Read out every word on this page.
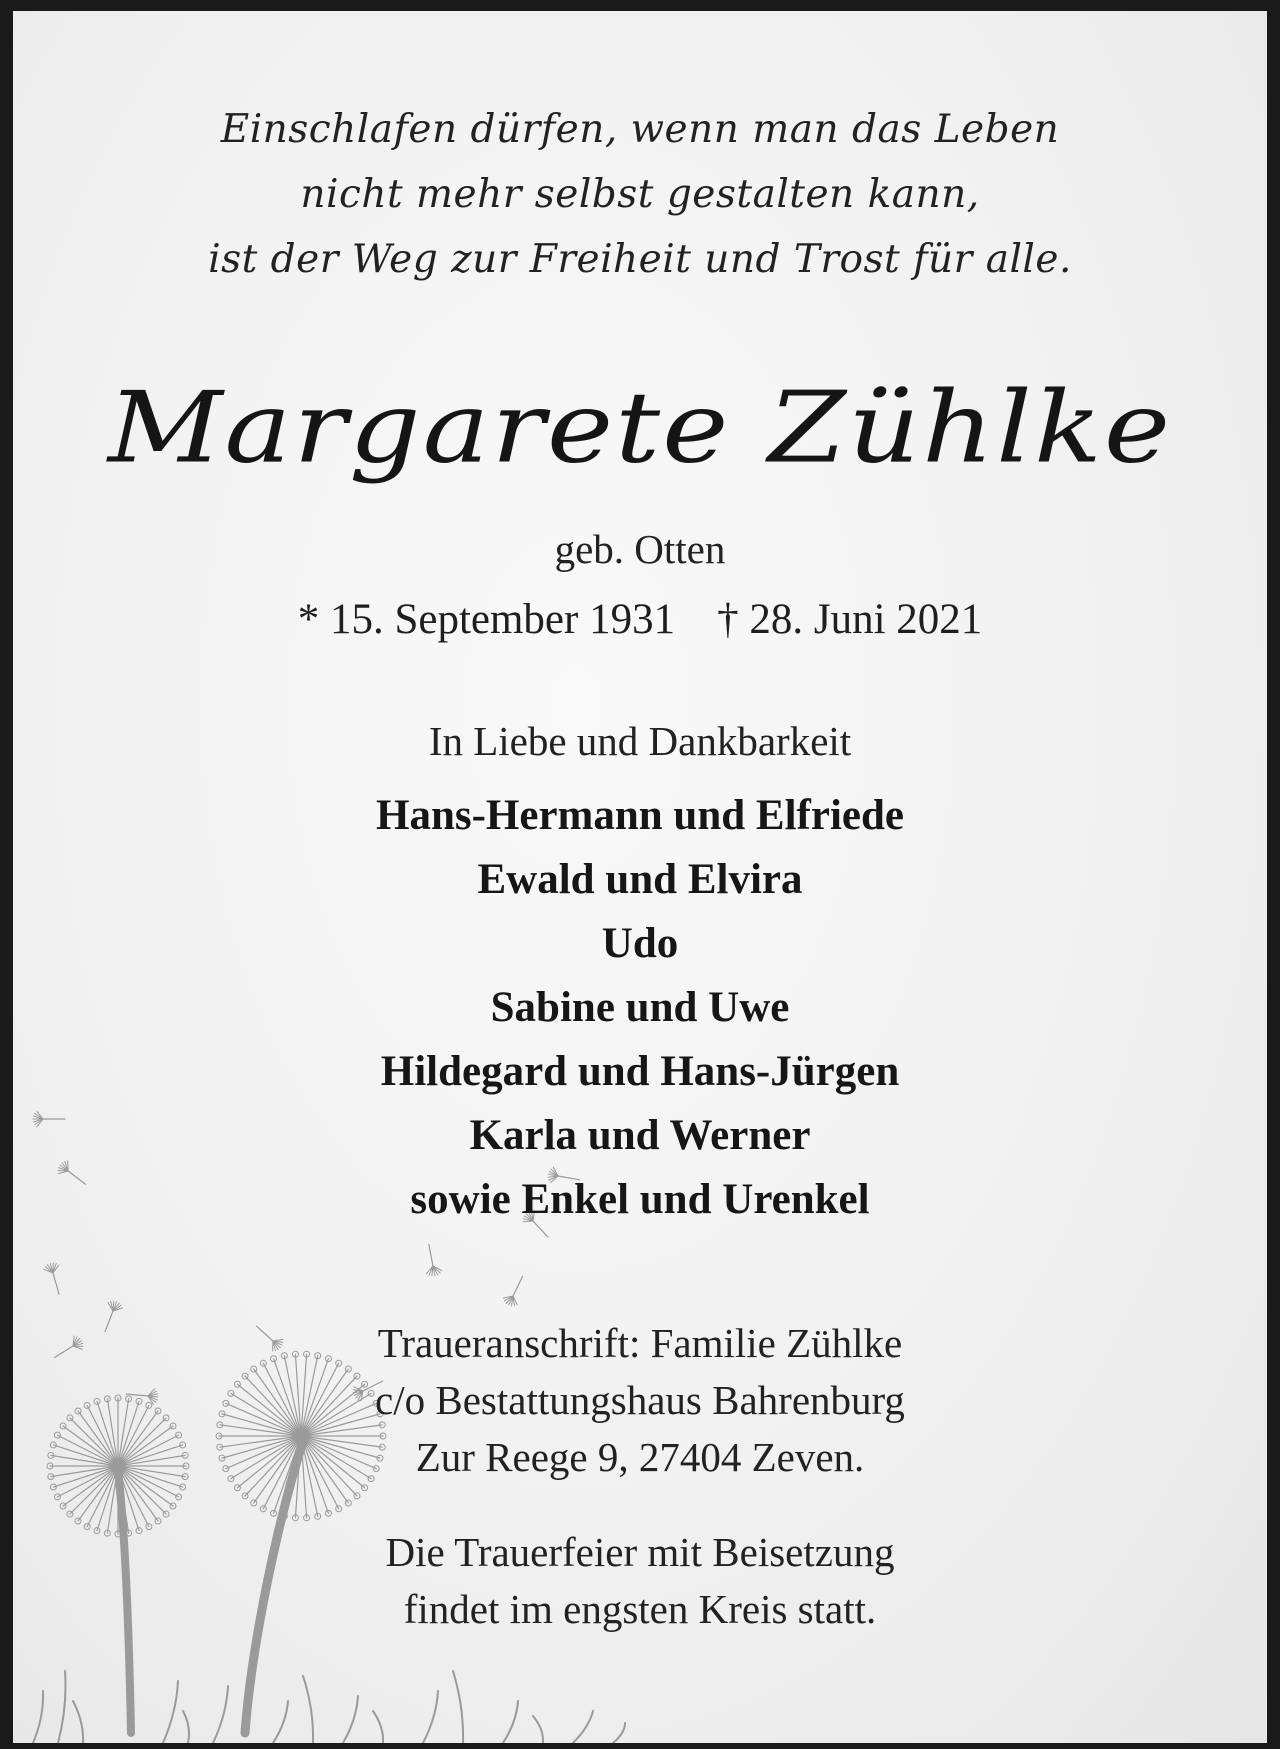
Einschlafen dürfen, wenn man das Leben
nicht mehr selbst gestalten kann,
ist der Weg zur Freiheit und Trost für alle.
Margarete Zühlke
geb. Otten
* 15. September 1931 † 28. Juni 2021
In Liebe und Dankbarkeit
Hans-Hermann und Elfriede
Ewald und Elvira
Udo
Sabine und Uwe
Hildegard und Hans-Jürgen
Karla und Werner
sowie Enkel und Urenkel
Traueranschrift: Familie Zühlke
c/o Bestattungshaus Bahrenburg
Zur Reege 9, 27404 Zeven.
Die Trauerfeier mit Beisetzung
findet im engsten Kreis statt.
